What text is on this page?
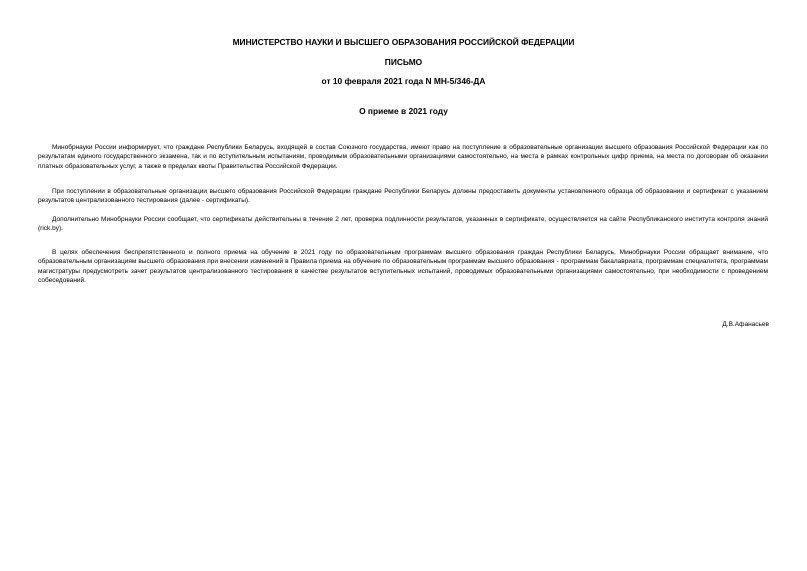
МИНИСТЕРСТВО НАУКИ И ВЫСШЕГО ОБРАЗОВАНИЯ РОССИЙСКОЙ ФЕДЕРАЦИИ
ПИСЬМО
от 10 февраля 2021 года N МН-5/346-ДА
О приеме в 2021 году

Минобрнауки России информирует, что граждане Республики Беларусь, входящей в состав Союзного государства, имеют право на поступление в образовательные организации высшего образования Российской Федерации как по результатам единого государственного экзамена, так и по вступительным испытаниям, проводимым образовательными организациями самостоятельно, на места в рамках контрольных цифр приема, на места по договорам об оказании платных образовательных услуг, а также в пределах квоты Правительства Российской Федерации.

При поступлении в образовательные организации высшего образования Российской Федерации граждане Республики Беларусь должны предоставить документы установленного образца об образовании и сертификат с указанием результатов централизованного тестирования (далее - сертификаты).

Дополнительно Минобрнауки России сообщает, что сертификаты действительны в течение 2 лет, проверка подлинности результатов, указанных в сертификате, осуществляется на сайте Республиканского института контроля знаний (rick.by).

В целях обеспечения беспрепятственного и полного приема на обучение в 2021 году по образовательным программам высшего образования граждан Республики Беларусь, Минобрнауки России обращает внимание, что образовательным организациям высшего образования при внесении изменений в Правила приема на обучение по образовательным программам высшего образования - программам бакалавриата, программам специалитета, программам магистратуры предусмотреть зачет результатов централизованного тестирования в качестве результатов вступительных испытаний, проводимых образовательными организациями самостоятельно, при необходимости с проведением собеседований.

Д.В.Афанасьев
